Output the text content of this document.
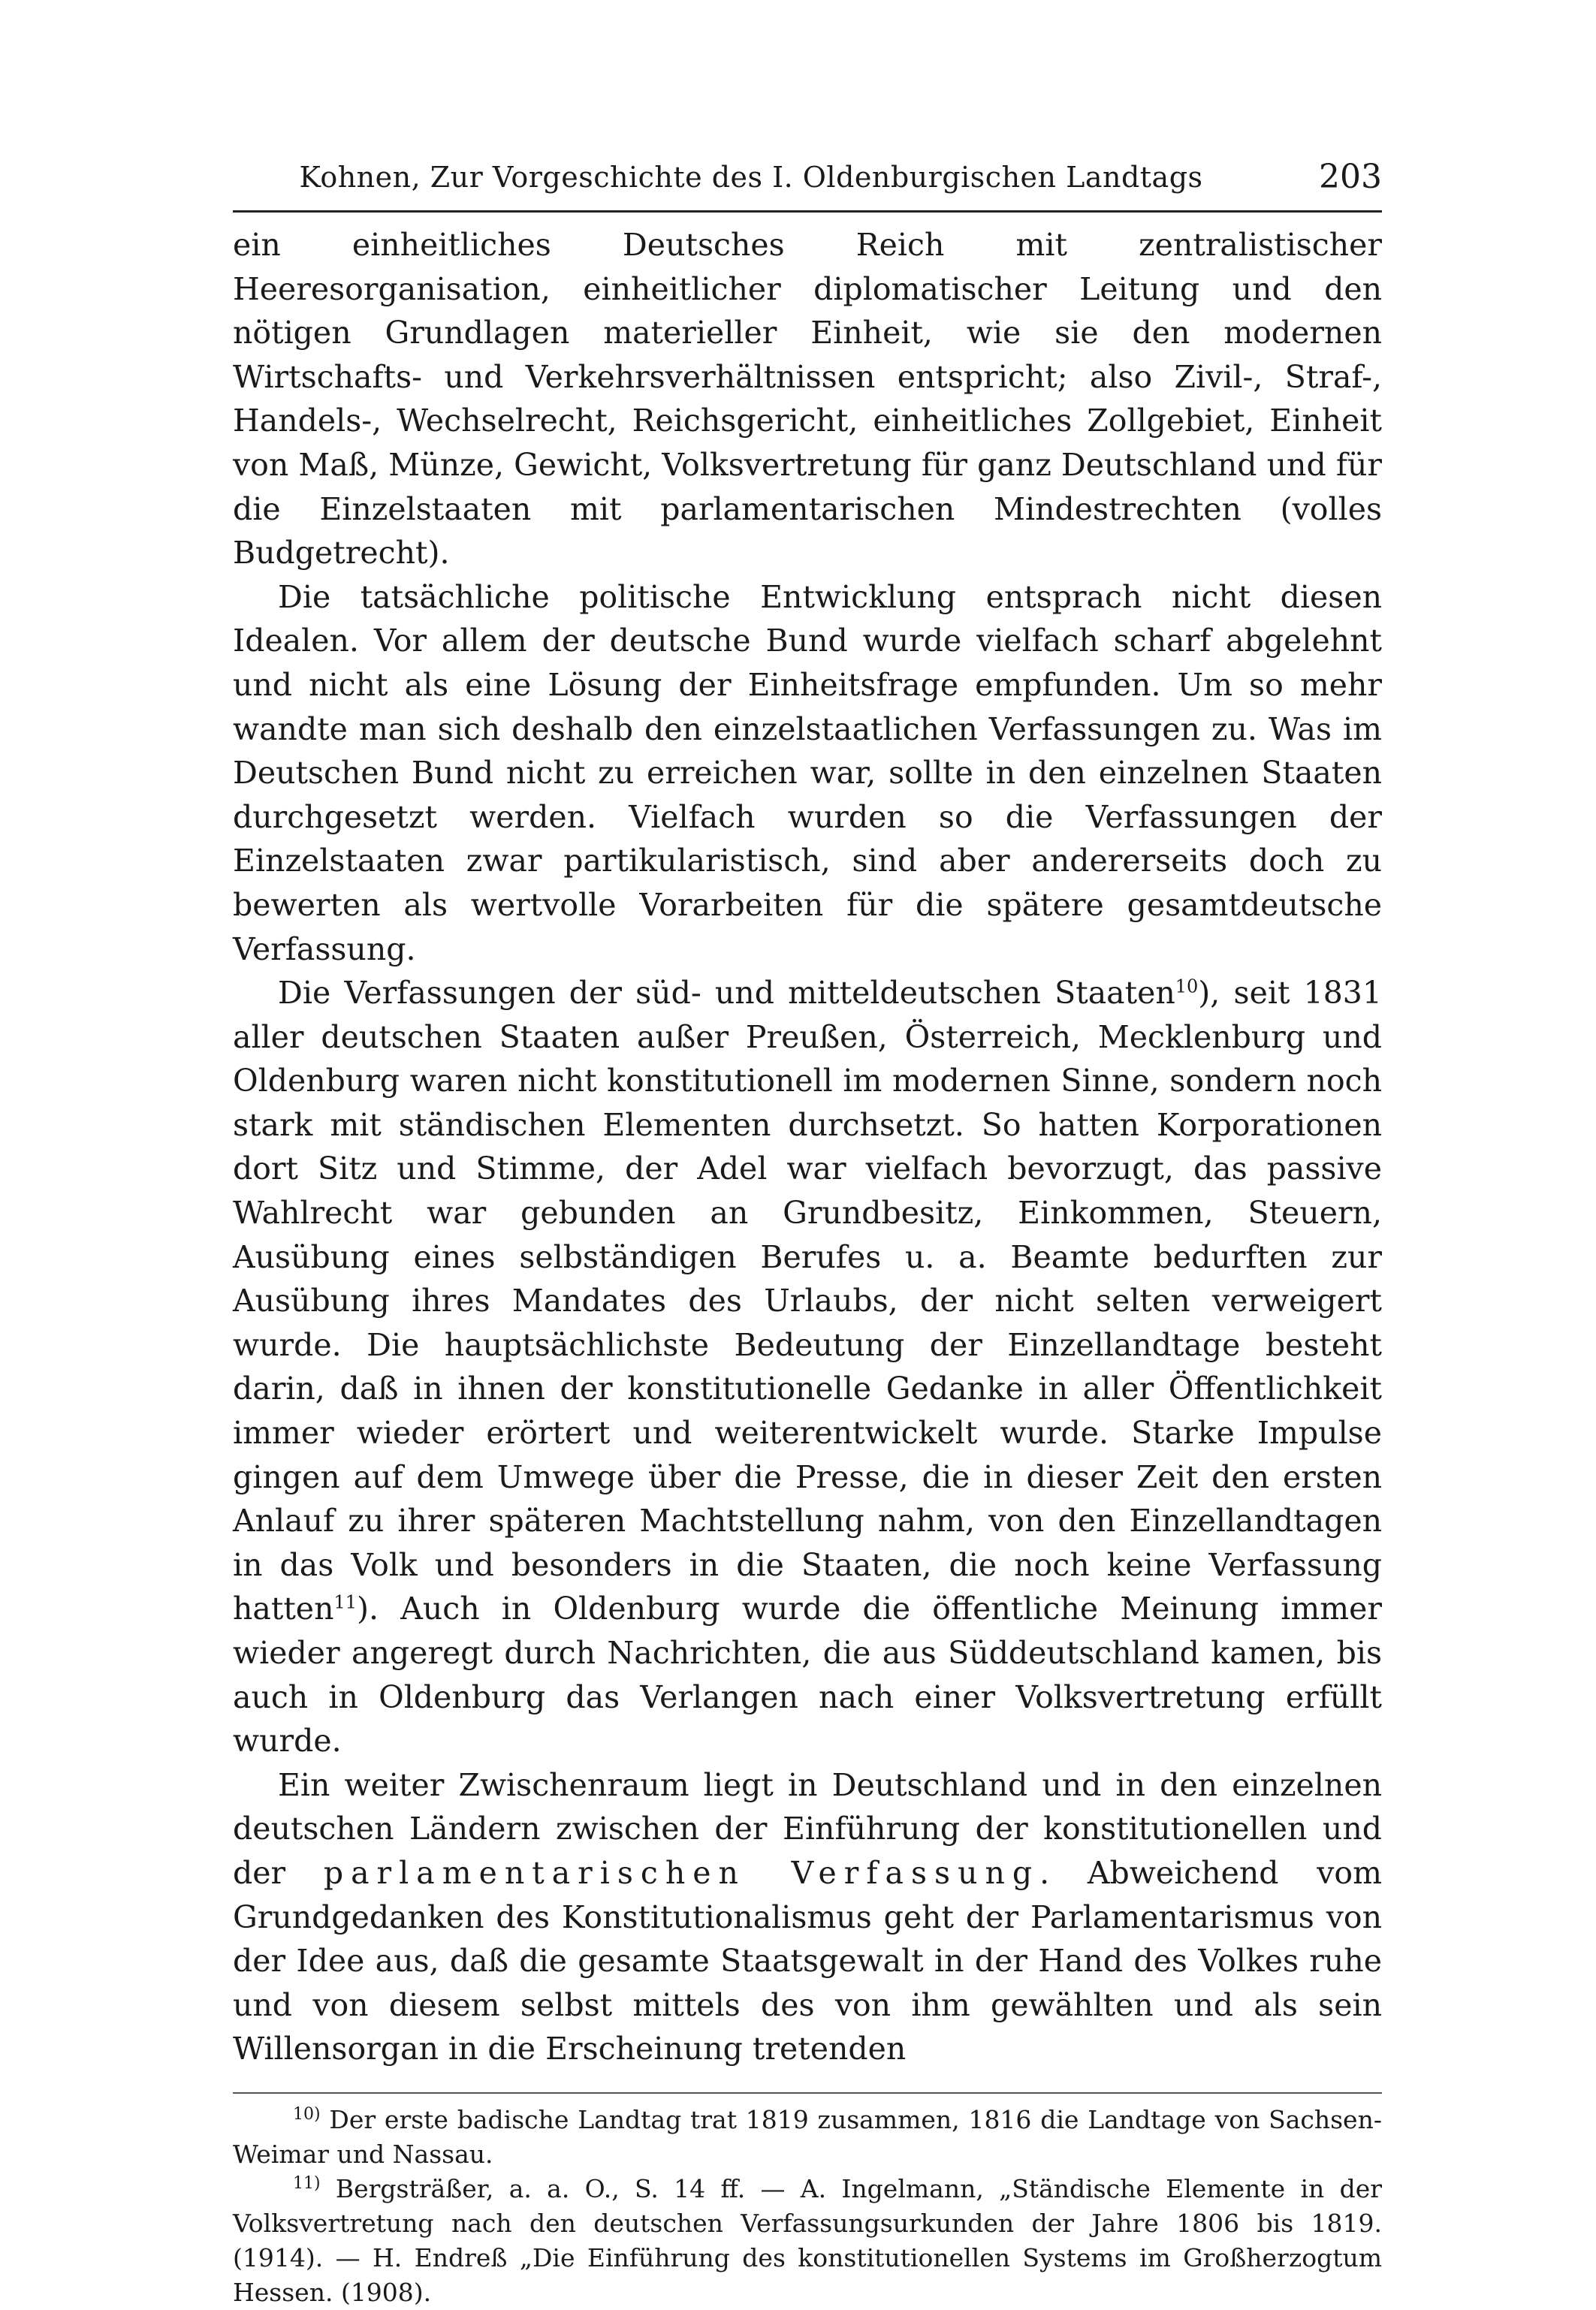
Kohnen, Zur Vorgeschichte des I. Oldenburgischen Landtags	203

ein einheitliches Deutsches Reich mit zentralistischer Heeresorganisation, einheitlicher diplomatischer Leitung und den nötigen Grundlagen materieller Einheit, wie sie den modernen Wirtschafts- und Verkehrsverhältnissen entspricht; also Zivil-, Straf-, Handels-, Wechselrecht, Reichsgericht, einheitliches Zollgebiet, Einheit von Maß, Münze, Gewicht, Volksvertretung für ganz Deutschland und für die Einzelstaaten mit parlamentarischen Mindestrechten (volles Budgetrecht).

Die tatsächliche politische Entwicklung entsprach nicht diesen Idealen. Vor allem der deutsche Bund wurde vielfach scharf abgelehnt und nicht als eine Lösung der Einheitsfrage empfunden. Um so mehr wandte man sich deshalb den einzelstaatlichen Verfassungen zu. Was im Deutschen Bund nicht zu erreichen war, sollte in den einzelnen Staaten durchgesetzt werden. Vielfach wurden so die Verfassungen der Einzelstaaten zwar partikularistisch, sind aber andererseits doch zu bewerten als wertvolle Vorarbeiten für die spätere gesamtdeutsche Verfassung.

Die Verfassungen der süd- und mitteldeutschen Staaten$^{10}$), seit 1831 aller deutschen Staaten außer Preußen, Österreich, Mecklenburg und Oldenburg waren nicht konstitutionell im modernen Sinne, sondern noch stark mit ständischen Elementen durchsetzt. So hatten Korporationen dort Sitz und Stimme, der Adel war vielfach bevorzugt, das passive Wahlrecht war gebunden an Grundbesitz, Einkommen, Steuern, Ausübung eines selbständigen Berufes u. a. Beamte bedurften zur Ausübung ihres Mandates des Urlaubs, der nicht selten verweigert wurde. Die hauptsächlichste Bedeutung der Einzellandtage besteht darin, daß in ihnen der konstitutionelle Gedanke in aller Öffentlichkeit immer wieder erörtert und weiterentwickelt wurde. Starke Impulse gingen auf dem Umwege über die Presse, die in dieser Zeit den ersten Anlauf zu ihrer späteren Machtstellung nahm, von den Einzellandtagen in das Volk und besonders in die Staaten, die noch keine Verfassung hatten$^{11}$). Auch in Oldenburg wurde die öffentliche Meinung immer wieder angeregt durch Nachrichten, die aus Süddeutschland kamen, bis auch in Oldenburg das Verlangen nach einer Volksvertretung erfüllt wurde.

Ein weiter Zwischenraum liegt in Deutschland und in den einzelnen deutschen Ländern zwischen der Einführung der konstitutionellen und der parlamentarischen Verfassung. Abweichend vom Grundgedanken des Konstitutionalismus geht der Parlamentarismus von der Idee aus, daß die gesamte Staatsgewalt in der Hand des Volkes ruhe und von diesem selbst mittels des von ihm gewählten und als sein Willensorgan in die Erscheinung tretenden

$^{10)}$ Der erste badische Landtag trat 1819 zusammen, 1816 die Landtage von Sachsen-Weimar und Nassau.

$^{11)}$ Bergsträßer, a. a. O., S. 14 ff. — A. Ingelmann, „Ständische Elemente in der Volksvertretung nach den deutschen Verfassungsurkunden der Jahre 1806 bis 1819. (1914). — H. Endreß „Die Einführung des konstitutionellen Systems im Großherzogtum Hessen. (1908).
